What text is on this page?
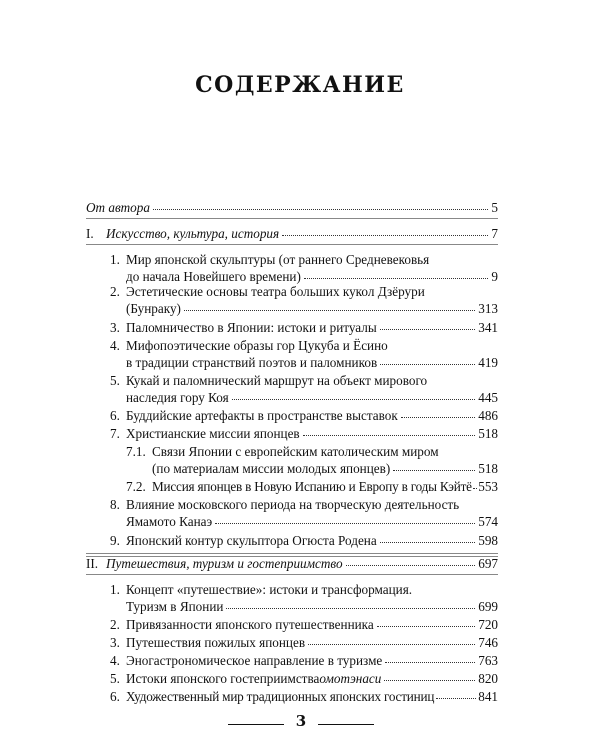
СОДЕРЖАНИЕ
От автора	5
I. Искусство, культура, история	7
1. Мир японской скульптуры (от раннего Средневековья
до начала Новейшего времени)	9
2. Эстетические основы театра больших кукол Дзёрури
(Бунраку)	313
3. Паломничество в Японии: истоки и ритуалы	341
4. Мифопоэтические образы гор Цукуба и Ёсино
в традиции странствий поэтов и паломников	419
5. Кукай и паломнический маршрут на объект мирового
наследия гору Коя	445
6. Буддийские артефакты в пространстве выставок	486
7. Христианские миссии японцев	518
7.1. Связи Японии с европейским католическим миром
(по материалам миссии молодых японцев)	518
7.2. Миссия японцев в Новую Испанию и Европу в годы Кэйтё 553
8. Влияние московского периода на творческую деятельность
Ямамото Канаэ	574
9. Японский контур скульптора Огюста Родена	598
II. Путешествия, туризм и гостеприимство	697
1. Концепт «путешествие»: истоки и трансформация.
Туризм в Японии	699
2. Привязанности японского путешественника	720
3. Путешествия пожилых японцев	746
4. Эногастрономическое направление в туризме	763
5. Истоки японского гостеприимства омотэнаси	820
6. Художественный мир традиционных японских гостиниц	841
3
